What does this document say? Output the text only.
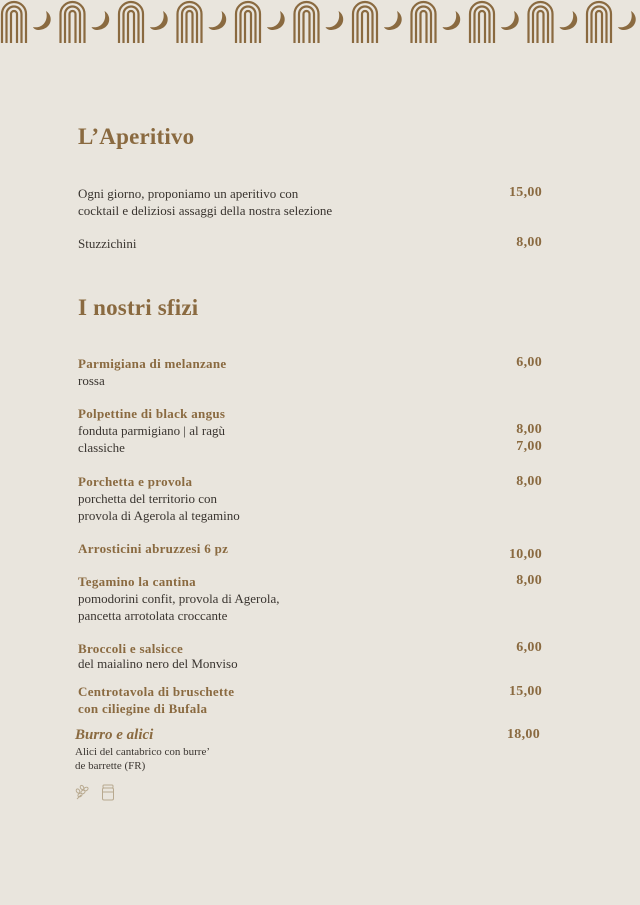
L’Aperitivo
Ogni giorno, proponiamo un aperitivo con
cocktail e deliziosi assaggi della nostra selezione
15,00
Stuzzichini	8,00
I nostri sfizi
Parmigiana di melanzane
rossa
6,00
Polpettine di black angus
fonduta parmigiano | al ragù
classiche
8,00
7,00
Porchetta e provola
porchetta del territorio con
provola di Agerola al tegamino
8,00
Arrosticini abruzzesi 6 pz	10,00
Tegamino la cantina
pomodorini confit, provola di Agerola,
pancetta arrotolata croccante
8,00
Broccoli e salsicce
del maialino nero del Monviso
6,00
Centrotavola di bruschette
con ciliegine di Bufala
15,00
Burro e alici
Alici del cantabrico con burre’
de barrette (FR)
18,00
